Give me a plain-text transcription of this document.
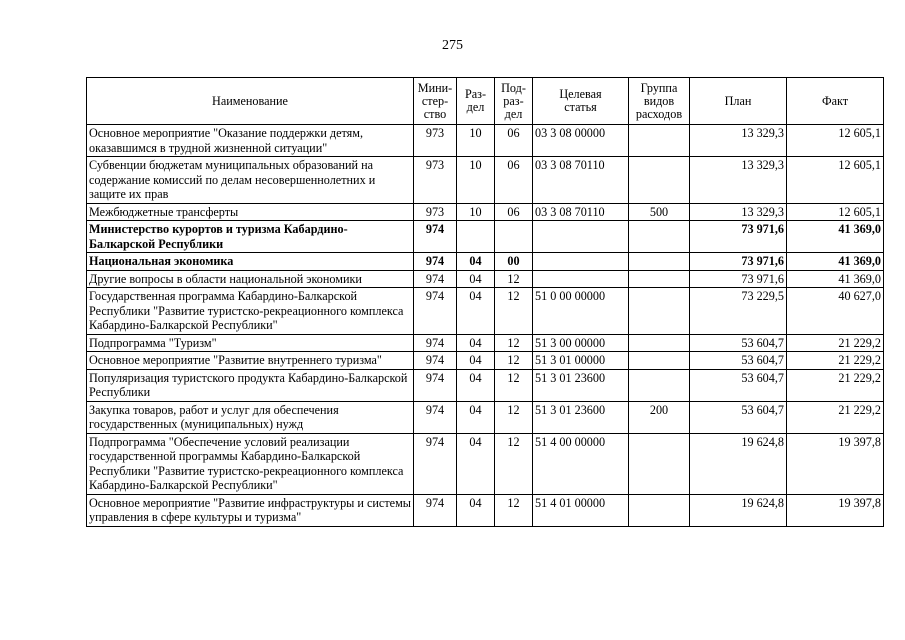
275
Наименование	Мини-
стер-
ство	Раз-
дел	Под-
раз-
дел	Целевая
статья	Группа
видов
расходов	План	Факт
Основное мероприятие "Оказание поддержки детям, оказавшимся в трудной жизненной ситуации"	973	10	06	03 3 08 00000		13 329,3	12 605,1
Субвенции бюджетам муниципальных образований на содержание комиссий по делам несовершеннолетних и защите их прав	973	10	06	03 3 08 70110		13 329,3	12 605,1
Межбюджетные трансферты	973	10	06	03 3 08 70110	500	13 329,3	12 605,1
Министерство курортов и туризма Кабардино-Балкарской Республики	974					73 971,6	41 369,0
Национальная экономика	974	04	00			73 971,6	41 369,0
Другие вопросы в области национальной экономики	974	04	12			73 971,6	41 369,0
Государственная программа Кабардино-Балкарской Республики "Развитие туристско-рекреационного комплекса Кабардино-Балкарской Республики"	974	04	12	51 0 00 00000		73 229,5	40 627,0
Подпрограмма "Туризм"	974	04	12	51 3 00 00000		53 604,7	21 229,2
Основное мероприятие "Развитие внутреннего туризма"	974	04	12	51 3 01 00000		53 604,7	21 229,2
Популяризация туристского продукта Кабардино-Балкарской Республики	974	04	12	51 3 01 23600		53 604,7	21 229,2
Закупка товаров, работ и услуг для обеспечения государственных (муниципальных) нужд	974	04	12	51 3 01 23600	200	53 604,7	21 229,2
Подпрограмма "Обеспечение условий реализации государственной программы Кабардино-Балкарской Республики "Развитие туристско-рекреационного комплекса Кабардино-Балкарской Республики"	974	04	12	51 4 00 00000		19 624,8	19 397,8
Основное мероприятие "Развитие инфраструктуры и системы управления в сфере культуры и туризма"	974	04	12	51 4 01 00000		19 624,8	19 397,8
